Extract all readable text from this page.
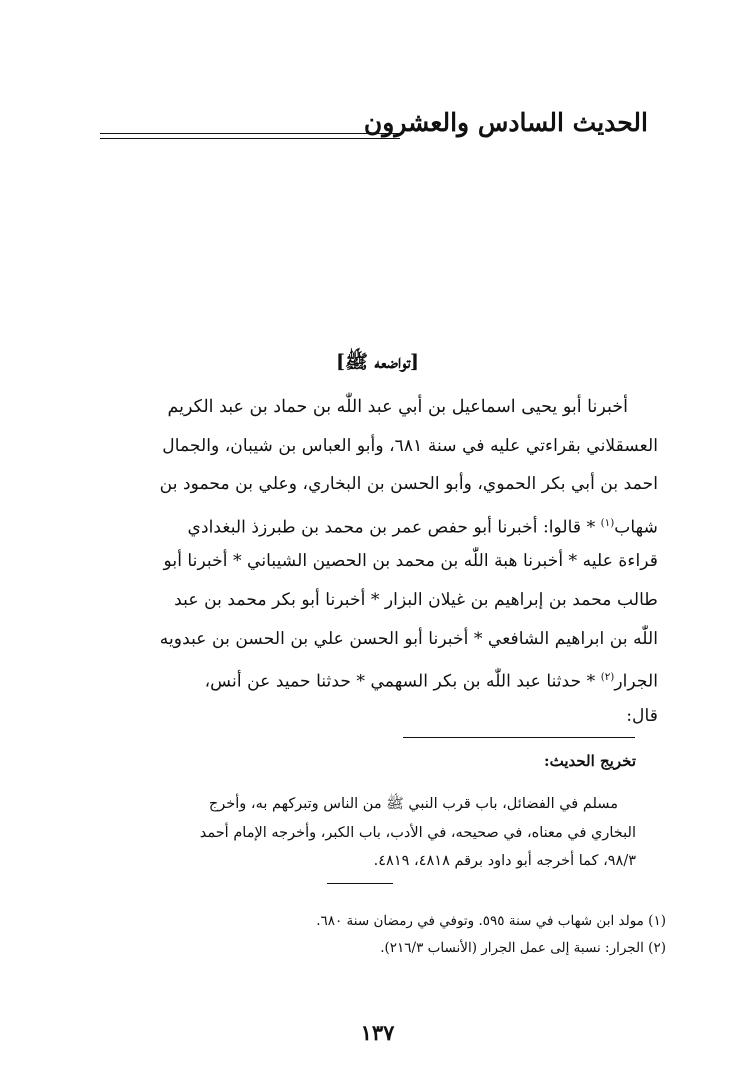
الحديث السادس والعشرون
[تواضعه ﷺ]
أخبرنا أبو يحيى اسماعيل بن أبي عبد اللّٰه بن حماد بن عبد الكريم
العسقلاني بقراءتي عليه في سنة ٦٨١، وأبو العباس بن شيبان، والجمال
احمد بن أبي بكر الحموي، وأبو الحسن بن البخاري، وعلي بن محمود بن
شهاب$^{(١)}$ * قالوا: أخبرنا أبو حفص عمر بن محمد بن طبرزذ البغدادي
قراءة عليه * أخبرنا هبة اللّٰه بن محمد بن الحصين الشيباني * أخبرنا أبو
طالب محمد بن إبراهيم بن غيلان البزار * أخبرنا أبو بكر محمد بن عبد
اللّٰه بن ابراهيم الشافعي * أخبرنا أبو الحسن علي بن الحسن بن عبدويه
الجرار$^{(٢)}$ * حدثنا عبد اللّٰه بن بكر السهمي * حدثنا حميد عن أنس،
قال:
تخريج الحديث:
مسلم في الفضائل، باب قرب النبي ﷺ من الناس وتبركهم به، وأخرج
البخاري في معناه، في صحيحه، في الأدب، باب الكبر، وأخرجه الإمام أحمد
٩٨/٣، كما أخرجه أبو داود برقم ٤٨١٨، ٤٨١٩.
(١) مولد ابن شهاب في سنة ٥٩٥. وتوفي في رمضان سنة ٦٨٠.
(٢) الجرار: نسبة إلى عمل الجرار (الأنساب ٢١٦/٣).
١٣٧
